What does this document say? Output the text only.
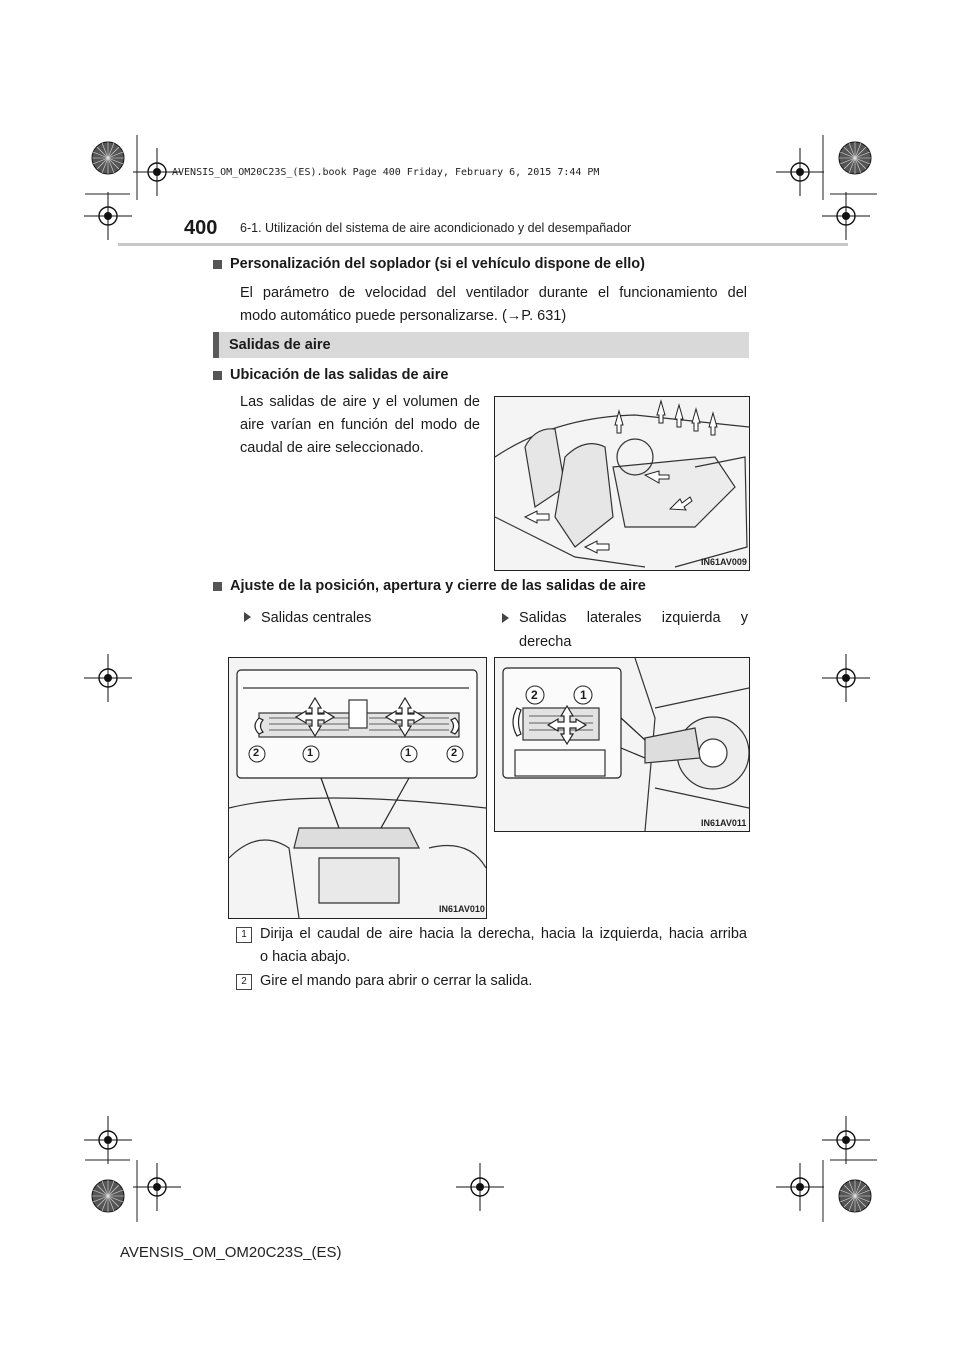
AVENSIS_OM_OM20C23S_(ES).book Page 400 Friday, February 6, 2015 7:44 PM
400 6-1. Utilización del sistema de aire acondicionado y del desempañador
Personalización del soplador (si el vehículo dispone de ello)
El parámetro de velocidad del ventilador durante el funcionamiento del
modo automático puede personalizarse. (→P. 631)
Salidas de aire
Ubicación de las salidas de aire
Las salidas de aire y el volumen de
aire varían en función del modo de
caudal de aire seleccionado.
IN61AV009
Ajuste de la posición, apertura y cierre de las salidas de aire
Salidas centrales	Salidas laterales izquierda y
derecha
2	1	1	2
IN61AV010
2	1
IN61AV011
1 Dirija el caudal de aire hacia la derecha, hacia la izquierda, hacia arriba
o hacia abajo.
2 Gire el mando para abrir o cerrar la salida.
AVENSIS_OM_OM20C23S_(ES)
